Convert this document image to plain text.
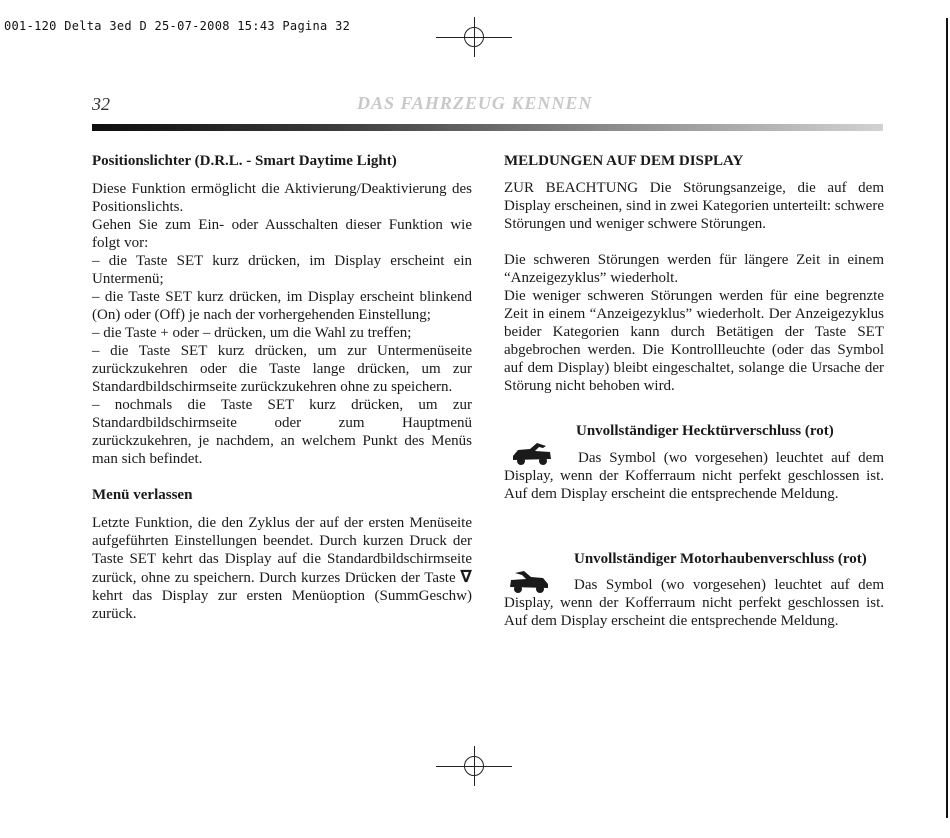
001-120 Delta 3ed D 25-07-2008 15:43 Pagina 32
32	DAS FAHRZEUG KENNEN
Positionslichter (D.R.L. - Smart Daytime Light)

Diese Funktion ermöglicht die Aktivierung/Deaktivierung des Positionslichts.

Gehen Sie zum Ein- oder Ausschalten dieser Funktion wie folgt vor:

– die Taste SET kurz drücken, im Display erscheint ein Untermenü;

– die Taste SET kurz drücken, im Display erscheint blinkend (On) oder (Off) je nach der vorhergehenden Einstellung;

– die Taste + oder – drücken, um die Wahl zu treffen;

– die Taste SET kurz drücken, um zur Untermenüseite zurückzukehren oder die Taste lange drücken, um zur Standardbildschirmseite zurückzukehren ohne zu speichern.

– nochmals die Taste SET kurz drücken, um zur Standardbildschirmseite oder zum Hauptmenü zurückzukehren, je nachdem, an welchem Punkt des Menüs man sich befindet.

Menü verlassen

Letzte Funktion, die den Zyklus der auf der ersten Menüseite aufgeführten Einstellungen beendet. Durch kurzen Druck der Taste SET kehrt das Display auf die Standardbildschirmseite zurück, ohne zu speichern. Durch kurzes Drücken der Taste ∇ kehrt das Display zur ersten Menüoption (SummGeschw) zurück.

MELDUNGEN AUF DEM DISPLAY

ZUR BEACHTUNG Die Störungsanzeige, die auf dem Display erscheinen, sind in zwei Kategorien unterteilt: schwere Störungen und weniger schwere Störungen.

Die schweren Störungen werden für längere Zeit in einem “Anzeigezyklus” wiederholt.

Die weniger schweren Störungen werden für eine begrenzte Zeit in einem “Anzeigezyklus” wiederholt. Der Anzeigezyklus beider Kategorien kann durch Betätigen der Taste SET abgebrochen werden. Die Kontrollleuchte (oder das Symbol auf dem Display) bleibt eingeschaltet, solange die Ursache der Störung nicht behoben wird.

Unvollständiger Hecktürverschluss (rot)

Das Symbol (wo vorgesehen) leuchtet auf dem Display, wenn der Kofferraum nicht perfekt geschlossen ist. Auf dem Display erscheint die entsprechende Meldung.

Unvollständiger Motorhaubenverschluss (rot)

Das Symbol (wo vorgesehen) leuchtet auf dem Display, wenn der Kofferraum nicht perfekt geschlossen ist. Auf dem Display erscheint die entsprechende Meldung.
